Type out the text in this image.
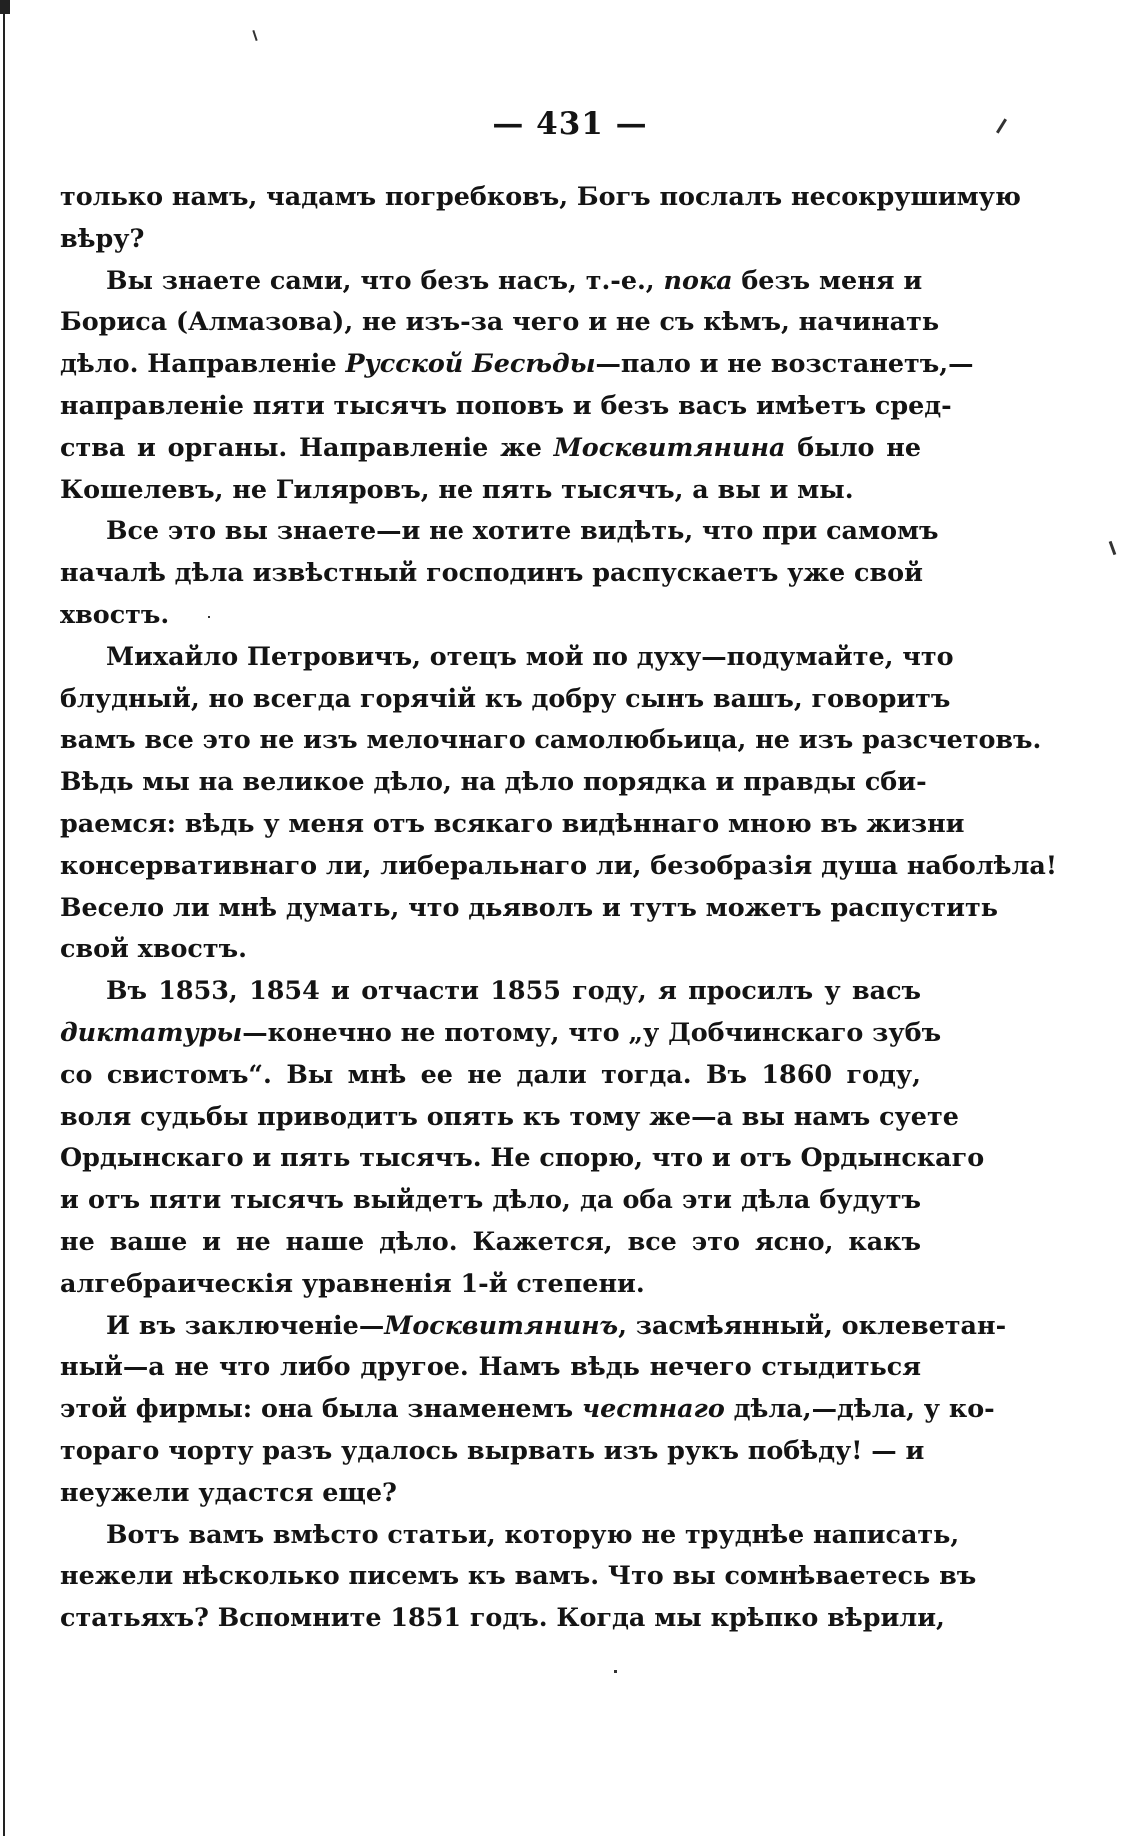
— 431 —
только намъ, чадамъ погребковъ, Богъ послалъ несокрушимую
вѣру?
Вы знаете сами, что безъ насъ, т.-е., пока безъ меня и
Бориса (Алмазова), не изъ-за чего и не съ кѣмъ, начинать
дѣло. Направленіе Русской Бесѣды—пало и не возстанетъ,—
направленіе пяти тысячъ поповъ и безъ васъ имѣетъ сред-
ства и органы. Направленіе же Москвитянина было не
Кошелевъ, не Гиляровъ, не пять тысячъ, а вы и мы.
Все это вы знаете—и не хотите видѣть, что при самомъ
началѣ дѣла извѣстный господинъ распускаетъ уже свой
хвостъ.
Михайло Петровичъ, отецъ мой по духу—подумайте, что
блудный, но всегда горячій къ добру сынъ вашъ, говоритъ
вамъ все это не изъ мелочнаго самолюбьица, не изъ разсчетовъ.
Вѣдь мы на великое дѣло, на дѣло порядка и правды сби-
раемся: вѣдь у меня отъ всякаго видѣннаго мною въ жизни
консервативнаго ли, либеральнаго ли, безобразія душа наболѣла!
Весело ли мнѣ думать, что дьяволъ и тутъ можетъ распустить
свой хвостъ.
Въ 1853, 1854 и отчасти 1855 году, я просилъ у васъ
диктатуры—конечно не потому, что „у Добчинскаго зубъ
со свистомъ“. Вы мнѣ ее не дали тогда. Въ 1860 году,
воля судьбы приводитъ опять къ тому же—а вы намъ суете
Ордынскаго и пять тысячъ. Не спорю, что и отъ Ордынскаго
и отъ пяти тысячъ выйдетъ дѣло, да оба эти дѣла будутъ
не ваше и не наше дѣло. Кажется, все это ясно, какъ
алгебраическія уравненія 1-й степени.
И въ заключеніе—Москвитянинъ, засмѣянный, оклеветан-
ный—а не что либо другое. Намъ вѣдь нечего стыдиться
этой фирмы: она была знаменемъ честнаго дѣла,—дѣла, у ко-
тораго чорту разъ удалось вырвать изъ рукъ побѣду! — и
неужели удастся еще?
Вотъ вамъ вмѣсто статьи, которую не труднѣе написать,
нежели нѣсколько писемъ къ вамъ. Что вы сомнѣваетесь въ
статьяхъ? Вспомните 1851 годъ. Когда мы крѣпко вѣрили,
